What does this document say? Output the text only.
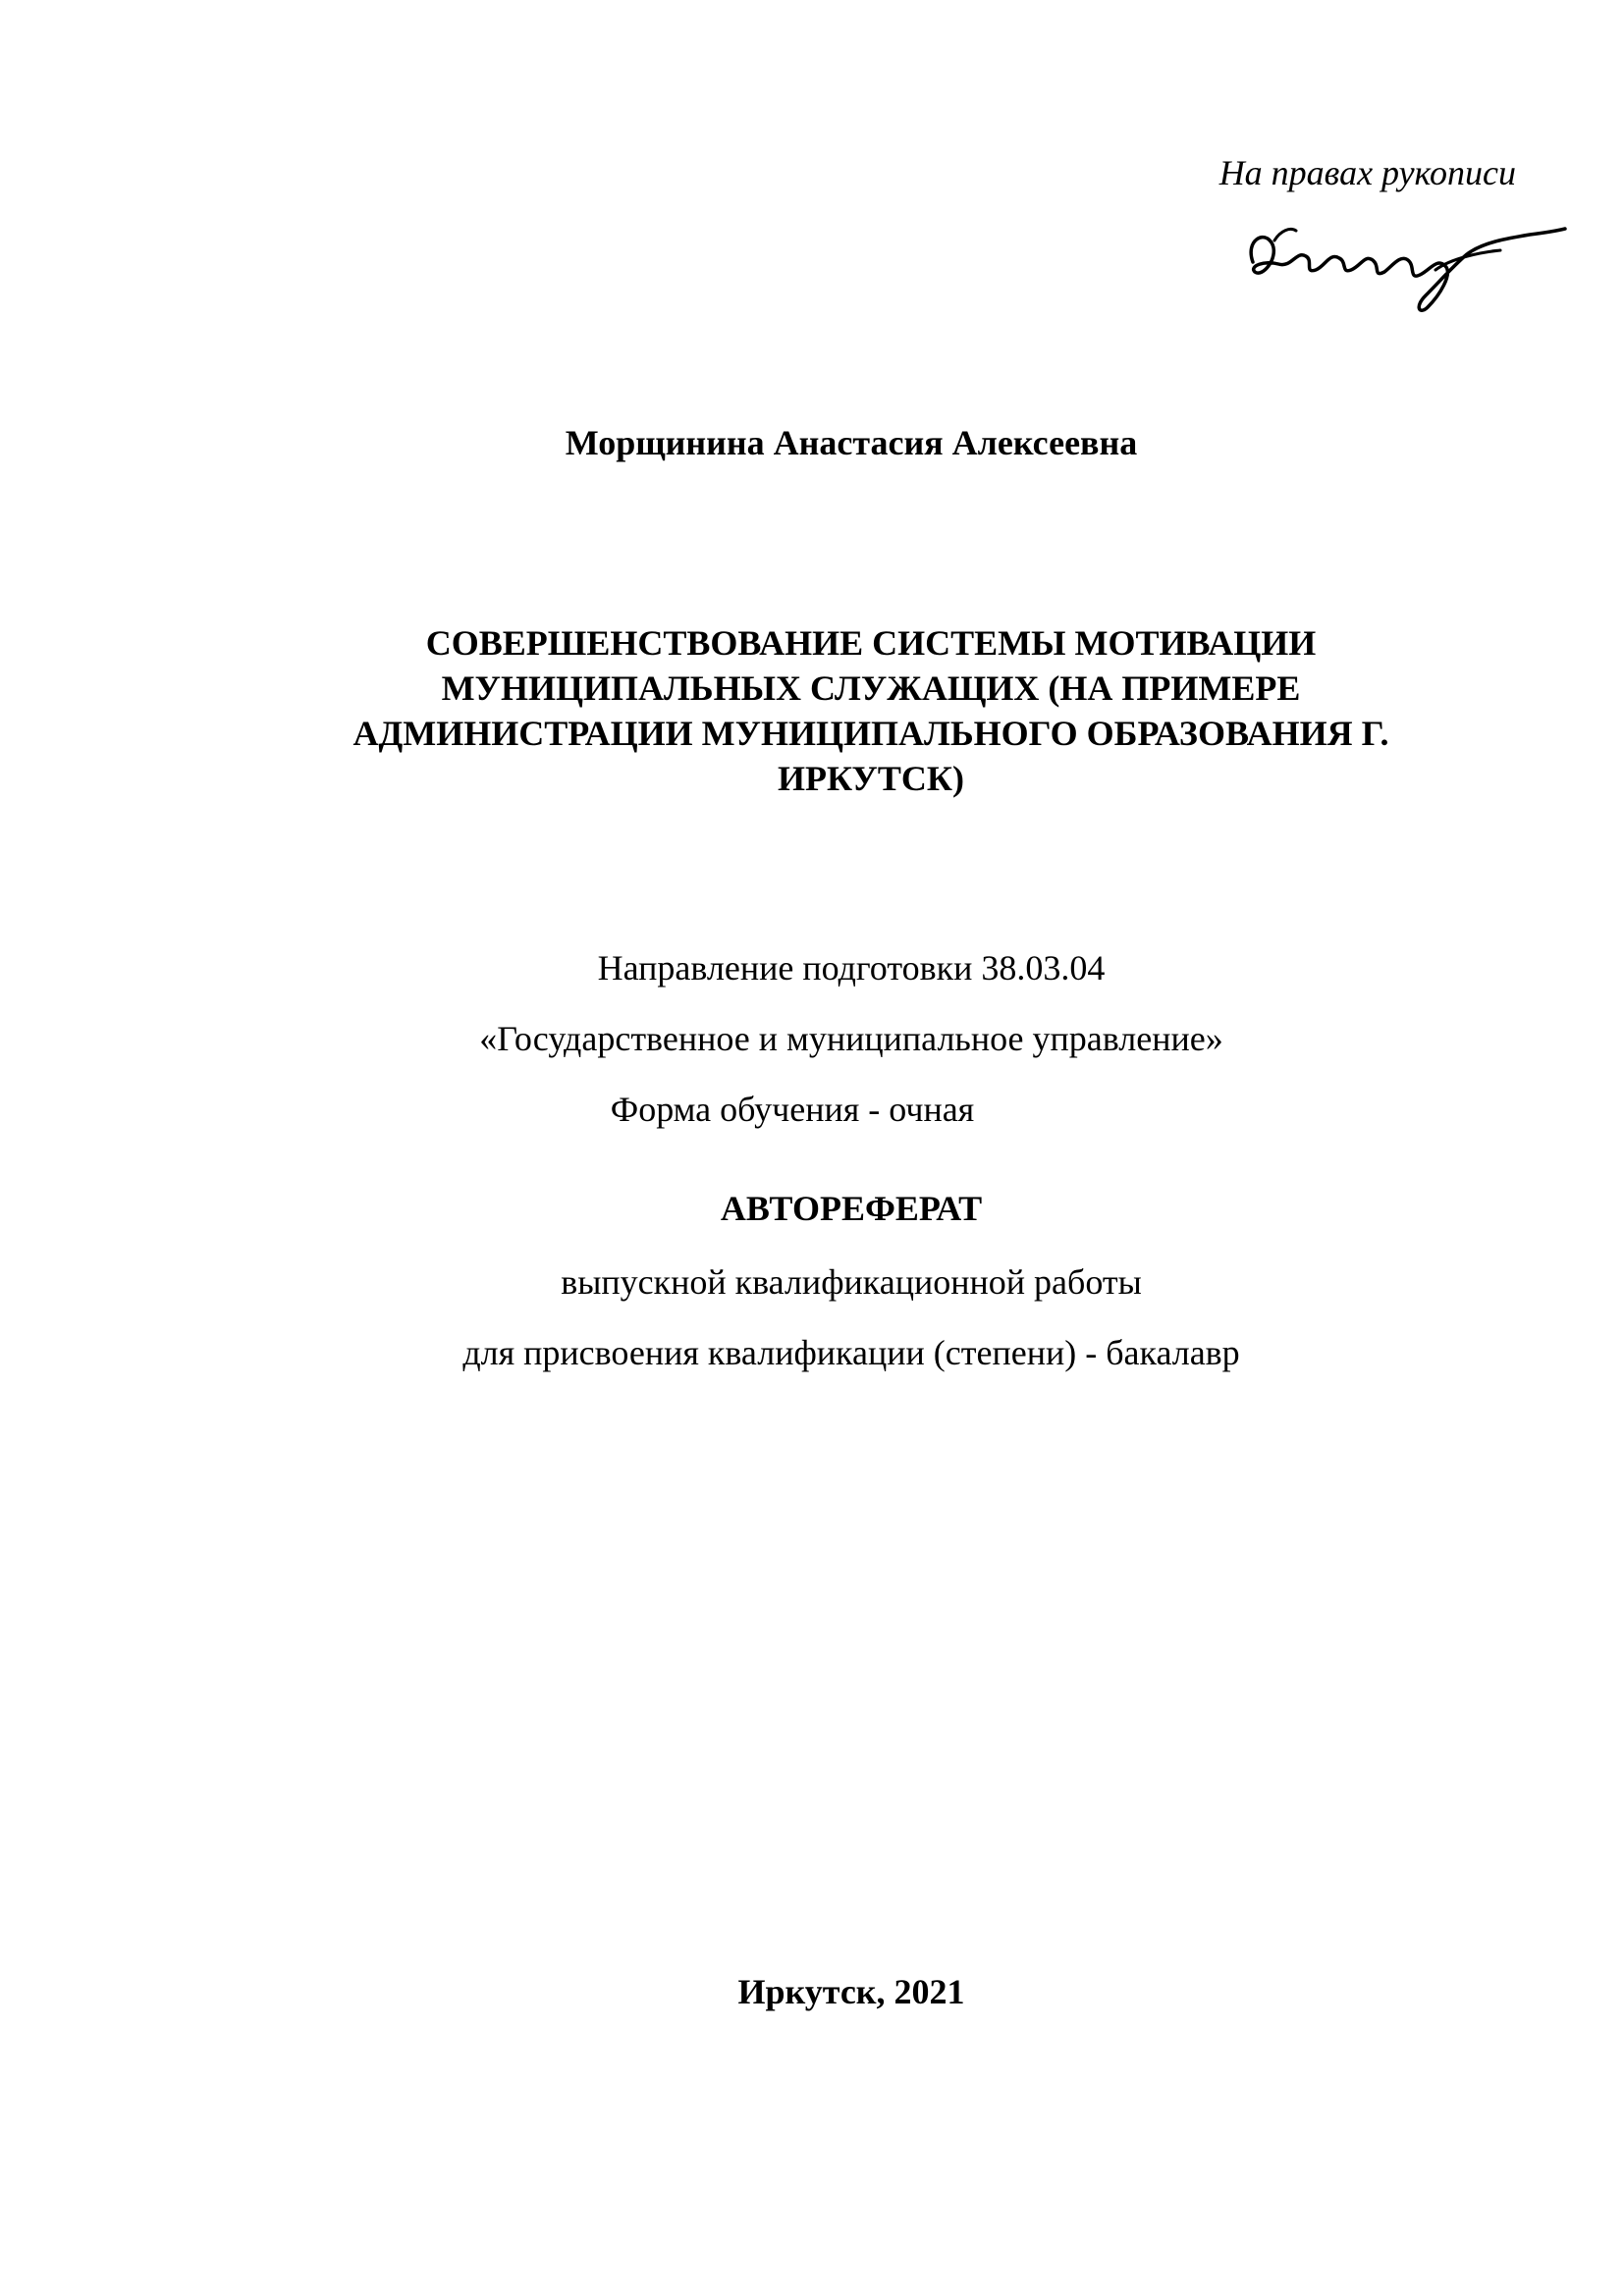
На правах рукописи
Морщинина Анастасия Алексеевна
СОВЕРШЕНСТВОВАНИЕ СИСТЕМЫ МОТИВАЦИИ
МУНИЦИПАЛЬНЫХ СЛУЖАЩИХ (НА ПРИМЕРЕ
АДМИНИСТРАЦИИ МУНИЦИПАЛЬНОГО ОБРАЗОВАНИЯ Г.
ИРКУТСК)
Направление подготовки 38.03.04
«Государственное и муниципальное управление»
Форма обучения - очная
АВТОРЕФЕРАТ
выпускной квалификационной работы
для присвоения квалификации (степени) - бакалавр
Иркутск, 2021
